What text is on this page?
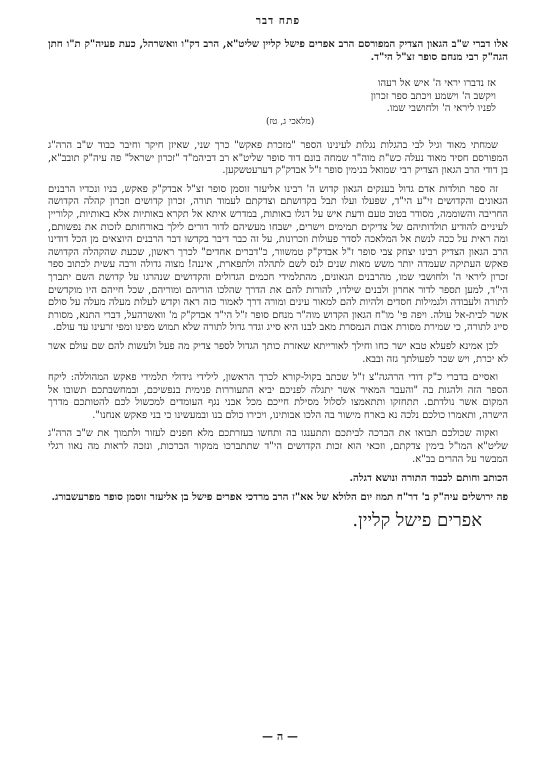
פתח דבר
אלו דברי ש"ב הגאון הצדיק המפורסם הרב אפרים פישל קליין שליט"א, הרב דק"ו וואשרהל, כעת פעיה"ק ת"ו חתן הגה"ק רבי מנחם סופר זצ"ל הי"ד.
אז נדברו יראי ה' איש אל רעהו
ויקשב ה' וישמע ויכתב ספר זכרון
לפניו ליראי ה' ולחושבי שמו.
(מלאכי ג, טז)

שמחתי מאוד וגיל לבי בהגלות נגלות לעינינו הספר "מזכרת פאקש" כרך שני, שאיזן חיקר וחיבר כבוד ש"ב הרה"ג המפורסם חסיד מאוד נעלה כש"ת מוה"ר שמחה בונם דוד סופר שליט"א רב דביהמ"ד "זכרון ישראל" פה עיה"ק תובב"א, בן דודי הרב הגאון הצדיק רבי שמואל בנימין סופר ז"ל אבדק"ק דערעטשקען.

זה ספר תולדות אדם גדול בענקים הגאון קדוש ה' רבינו אליעזר זוסמן סופר זצ"ל אבדק"ק פאקש, בניו ונכדיו הרבנים הגאונים והקדושים זי"ע הי"ד, שפעלו ועלו תבל בקדושתם וצדקתם לעמוד תורה, זכרון קדושים וזכרון קהלה הקדושה החריבה והשוממה, מסודר בטוב טעם ודעת איש על דגלו באותות, במדרש איתא אל תקרא באותיות אלא באותיות, קלוריין לעיניים להודיע תולדותיהם של צדיקים תמימים וישרים, ישבחו מעשיהם לדור דורים לילך באורחותם לזכות את נפשותם, ומה ראית על ככה לנשת אל המלאכה לסדר פעולות וזכרונות, על זה כבר דיבר בקדשו דבר הרבנים היוצאים מן הכל דודינו הרב הגאון הצדיק רבינו יצחק צבי סופר ז"ל אבדק"ק טמשוור, כ"דברים אחדים" לכרך ראשון, שכעת שהקהלה הקדושה פאקש העתיקה שעמדה יותר משש מאות שנים לנס לשם לתהלה ולתפארת, איננה! מצוה גדולה ורבה עשית לכתוב ספר זכרון ליראי ה' ולחושבי שמו, מהרבנים הגאונים, מהתלמידי חכמים הגדולים והקדושים שנהרגו על קדושת השם יתברך הי"ד, למען תספר לדור אחרון ולבנים שילדו, להורות להם את הדרך שהלכו הוריהם ומוריהם, שכל חייהם היו מוקדשים לתורה ולעבודה ולגמילות חסדים ולהיות להם למאור עינים ומורה דרך לאמור כזה ראה וקדש לעלות מעלה מעלה על סולם אשר לבית-אל עולה. ויפה פי' מו"ח הגאון הקדוש מוה"ר מנחם סופר ז"ל הי"ד אבדק"ק מ' וואשרהעל, דברי התנא, מסורת סייג לתורה, כי שמירת מסורת אבות הנמסרת מאב לבנו היא סייג וגדר גדול לתורה שלא תמוש מפינו ומפי זרעינו עד עולם.

לכן אמינא לפעלא טבא ישר כחו וחילך לאורייתא שאזרת כותך הגדול לספר צדיק מה פעל ולעשות להם שם עולם אשר לא יכרת, ויש שכר לפעולתך גזה ובבא.

ואסיים בדברי כ"ק דודי הרהגה"צ ז"ל שכתב בקול-קורא לכרך הראשון, לילידי גידולי תלמידי פאקש המהוללה: ליקח הספר הזה ולהגות בה "והעבר המאיר אשר יתגלה לפניכם יביא התעוררות פנימית בנפשיכם, ובמחשבתכם תשובו אל המקום אשר נולדתם. תתחזקו ותתאמצו לסלול מסילת חייכם מכל אבני נגף העומדים למכשול לכם להטותכם מדרך הישרה, ותאמרו כולכם נלכה נא בארח מישור בה הלכו אבותינו, ויכירו כולם בנו ובמעשינו כי בני פאקש אנחנו".

ואקוה שכולכם תבואו את הברכה לביתכם ותתענגו בה ותחשו בעזרתכם מלא חפנים לעזור ולתמוך את ש"ב הרה"ג שליט"א המו"ל בימין צדקתם, וזכאי הוא זכות הקדושים הי"ד שתתברכו ממקור הברכות, ונזכה לראות מה נאוו רגלי המבשר על ההרים בב"א.

הכותב וחותם לכבוד התורה ונושא דגלה.
פה ירושלים עיה"ק ב' דר"ח תמוז יום הלולא של אא"ז הרב מרדכי אפרים פישל בן אליעזר זוסמן סופר מפרעשבורג.
אפרים פישל קליין.
— ה —
